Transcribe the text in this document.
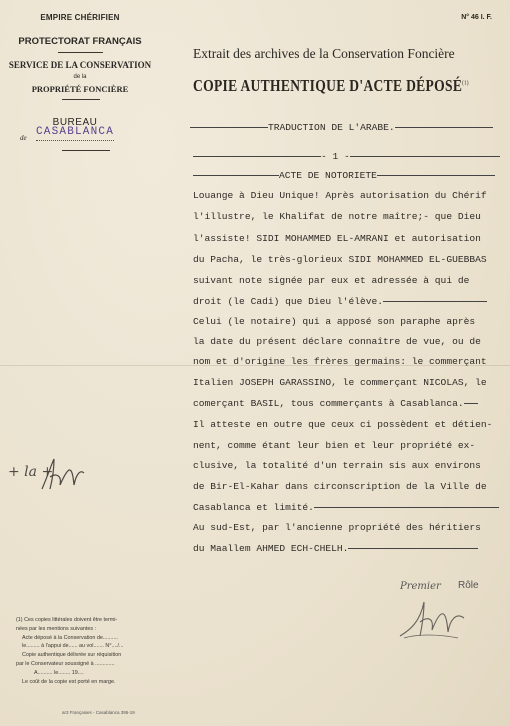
EMPIRE CHÉRIFIEN
PROTECTORAT FRANÇAIS
SERVICE DE LA CONSERVATION
de la
PROPRIÉTÉ FONCIÈRE
BUREAU
de CASABLANCA
N° 46 I. F.
Extrait des archives de la Conservation Foncière
COPIE AUTHENTIQUE D'ACTE DÉPOSÉ$^{(1)}$
TRADUCTION DE L'ARABE.
- 1 -
ACTE DE NOTORIETE
Louange à Dieu Unique! Après autorisation du Chérif
l'illustre, le Khalifat de notre maître;- que Dieu
l'assiste! SIDI MOHAMMED EL-AMRANI et autorisation
du Pacha, le très-glorieux SIDI MOHAMMED EL-GUEBBAS
suivant note signée par eux et adressée à qui de
droit (le Cadi) que Dieu l'élève.
Celui (le notaire) qui a apposé son paraphe après
la date du présent déclare connaître de vue, ou de
nom et d'origine les frères germains: le commerçant
Italien JOSEPH GARASSINO, le commerçant NICOLAS, le
comerçant BASIL, tous commerçants à Casablanca.
Il atteste en outre que ceux ci possèdent et détien-
nent, comme étant leur bien et leur propriété ex-
clusive, la totalité d'un terrain sis aux environs
de Bir-El-Kahar dans circonscription de la Ville de
Casablanca et limité.
Au sud-Est, par l'ancienne propriété des héritiers
du Maallem AHMED ECH-CHELH.
+ la +
Premier Rôle
(1) Ces copies littérales doivent être termi-
nées par les mentions suivantes :
Acte déposé à la Conservation de..........
le......... à l'appui de...... au vol....... N°..../...
Copie authentique délivrée sur réquisition
par le Conservateur soussigné à .............
A.......... le........ 19....
Le coût de la copie est porté en marge.
ar3 Françaises - Casablanca 395-19
